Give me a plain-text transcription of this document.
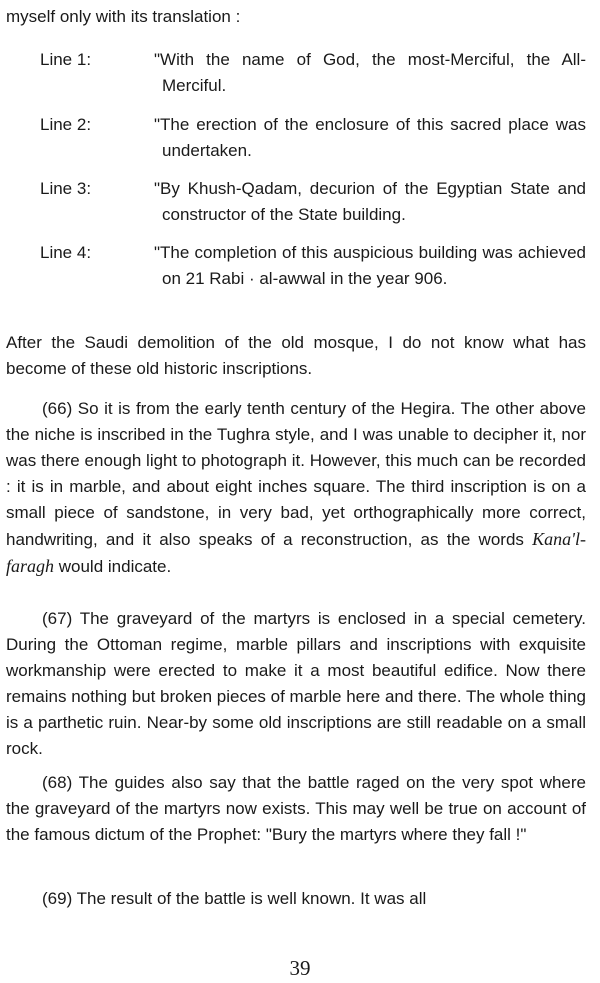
myself only with its translation :

Line 1:	"With the name of God, the most-Merciful, the All-Merciful.
Line 2:	"The erection of the enclosure of this sacred place was undertaken.
Line 3:	"By Khush-Qadam, decurion of the Egyptian State and constructor of the State building.
Line 4:	"The completion of this auspicious building was achieved on 21 Rabi · al-awwal in the year 906.

After the Saudi demolition of the old mosque, I do not know what has become of these old historic inscriptions.

(66) So it is from the early tenth century of the Hegira. The other above the niche is inscribed in the Tughra style, and I was unable to decipher it, nor was there enough light to photograph it. However, this much can be recorded : it is in marble, and about eight inches square. The third inscription is on a small piece of sandstone, in very bad, yet orthographically more correct, handwriting, and it also speaks of a reconstruction, as the words Kana'l-faragh would indicate.

(67) The graveyard of the martyrs is enclosed in a special cemetery. During the Ottoman regime, marble pillars and inscriptions with exquisite workmanship were erected to make it a most beautiful edifice. Now there remains nothing but broken pieces of marble here and there. The whole thing is a parthetic ruin. Near-by some old inscriptions are still readable on a small rock.

(68) The guides also say that the battle raged on the very spot where the graveyard of the martyrs now exists. This may well be true on account of the famous dictum of the Prophet: "Bury the martyrs where they fall !"

(69) The result of the battle is well known. It was all

39
